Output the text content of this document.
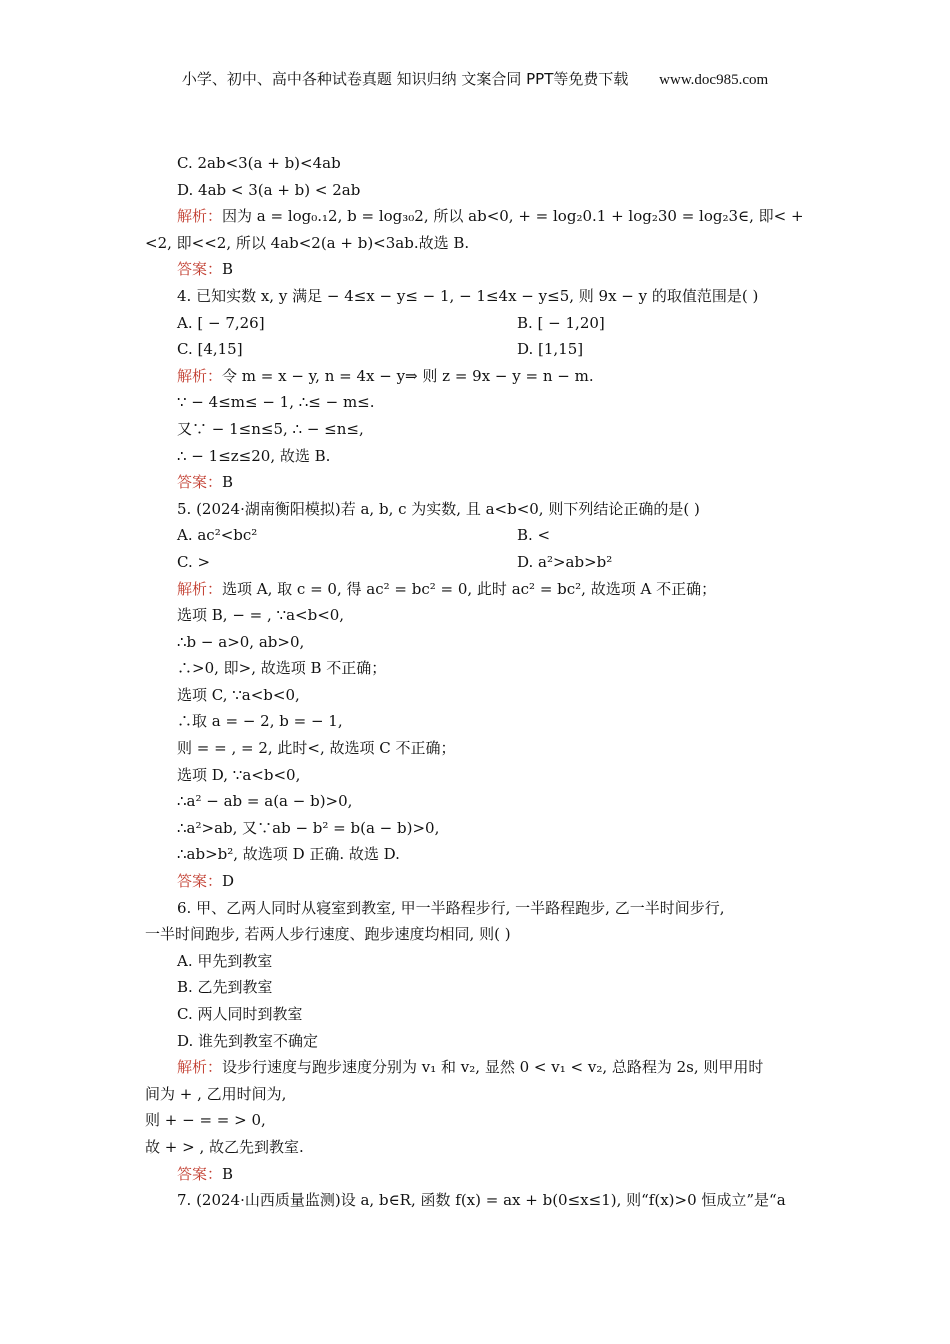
小学、初中、高中各种试卷真题 知识归纳 文案合同 PPT等免费下载 www.doc985.com
C. 2ab<3(a + b)<4ab
D. 4ab < 3(a + b) < 2ab
解析：因为 a = log₀.₁2, b = log₃₀2, 所以 ab<0, + = log₂0.1 + log₂30 = log₂3∈, 即< +
<2, 即<<2, 所以 4ab<2(a + b)<3ab.故选 B.
答案：B
4. 已知实数 x, y 满足 − 4≤x − y≤ − 1, − 1≤4x − y≤5, 则 9x − y 的取值范围是( )
A. [ − 7,26]	B. [ − 1,20]
C. [4,15]	D. [1,15]
解析：令 m = x − y, n = 4x − y⇒ 则 z = 9x − y = n − m.
∵ − 4≤m≤ − 1, ∴≤ − m≤.
又∵ − 1≤n≤5, ∴ − ≤n≤,
∴ − 1≤z≤20, 故选 B.
答案：B
5. (2024·湖南衡阳模拟)若 a, b, c 为实数, 且 a<b<0, 则下列结论正确的是( )
A. ac²<bc²	B. <
C. >	D. a²>ab>b²
解析：选项 A, 取 c = 0, 得 ac² = bc² = 0, 此时 ac² = bc², 故选项 A 不正确；
选项 B, − = , ∵a<b<0,
∴b − a>0, ab>0,
∴>0, 即>, 故选项 B 不正确；
选项 C, ∵a<b<0,
∴取 a = − 2, b = − 1,
则 = = , = 2, 此时<, 故选项 C 不正确；
选项 D, ∵a<b<0,
∴a² − ab = a(a − b)>0,
∴a²>ab, 又∵ab − b² = b(a − b)>0,
∴ab>b², 故选项 D 正确. 故选 D.
答案：D
6. 甲、乙两人同时从寝室到教室, 甲一半路程步行, 一半路程跑步, 乙一半时间步行,
一半时间跑步, 若两人步行速度、跑步速度均相同, 则( )
A. 甲先到教室
B. 乙先到教室
C. 两人同时到教室
D. 谁先到教室不确定
解析：设步行速度与跑步速度分别为 v₁ 和 v₂, 显然 0 < v₁ < v₂, 总路程为 2s, 则甲用时
间为 + , 乙用时间为,
则 + − = = > 0,
故 + > , 故乙先到教室.
答案：B
7. (2024·山西质量监测)设 a, b∈R, 函数 f(x) = ax + b(0≤x≤1), 则“f(x)>0 恒成立”是“a
